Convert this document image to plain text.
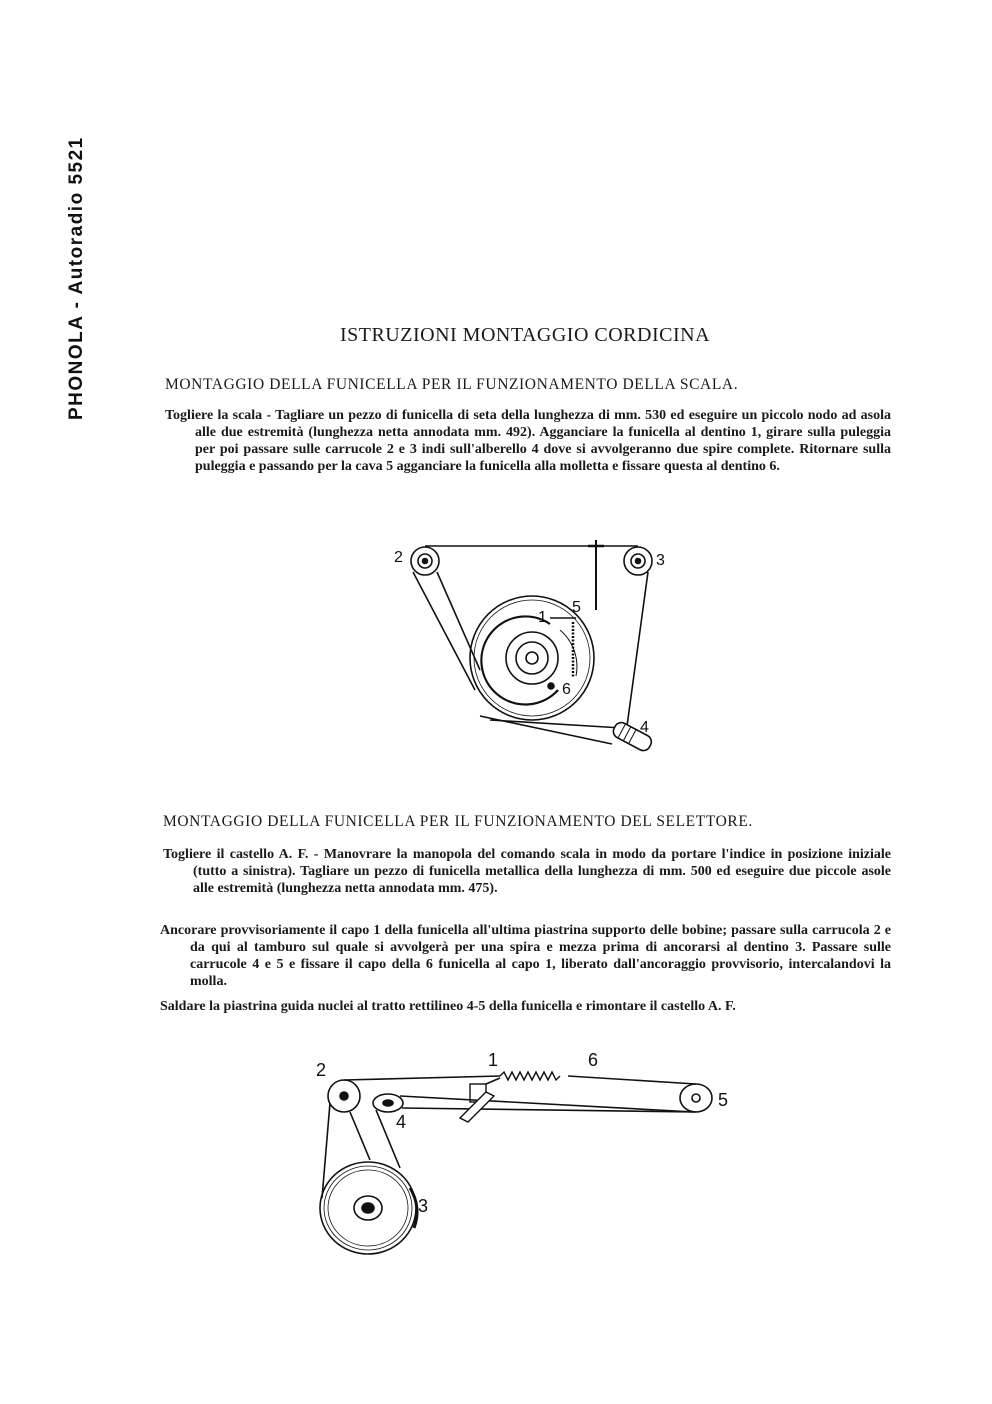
PHONOLA - Autoradio 5521	ISTRUZIONI MONTAGGIO CORDICINA
MONTAGGIO DELLA FUNICELLA PER IL FUNZIONAMENTO DELLA SCALA.
Togliere la scala - Tagliare un pezzo di funicella di seta della lunghezza di mm. 530 ed eseguire un piccolo nodo ad asola alle due estremità (lunghezza netta annodata mm. 492). Agganciare la funicella al dentino 1, girare sulla puleggia per poi passare sulle carrucole 2 e 3 indi sull'alberello 4 dove si avvolgeranno due spire complete. Ritornare sulla puleggia e passando per la cava 5 agganciare la funicella alla molletta e fissare questa al dentino 6.
2	3
1
5
6
4
MONTAGGIO DELLA FUNICELLA PER IL FUNZIONAMENTO DEL SELETTORE.
Togliere il castello A. F. - Manovrare la manopola del comando scala in modo da portare l'indice in posizione iniziale (tutto a sinistra). Tagliare un pezzo di funicella metallica della lunghezza di mm. 500 ed eseguire due piccole asole alle estremità (lunghezza netta annodata mm. 475).
Ancorare provvisoriamente il capo 1 della funicella all'ultima piastrina supporto delle bobine; passare sulla carrucola 2 e da qui al tamburo sul quale si avvolgerà per una spira e mezza prima di ancorarsi al dentino 3. Passare sulle carrucole 4 e 5 e fissare il capo della 6 funicella al capo 1, liberato dall'ancoraggio provvisorio, intercalandovi la molla.
Saldare la piastrina guida nuclei al tratto rettilineo 4-5 della funicella e rimontare il castello A. F.
2	1	6
4
5
3
